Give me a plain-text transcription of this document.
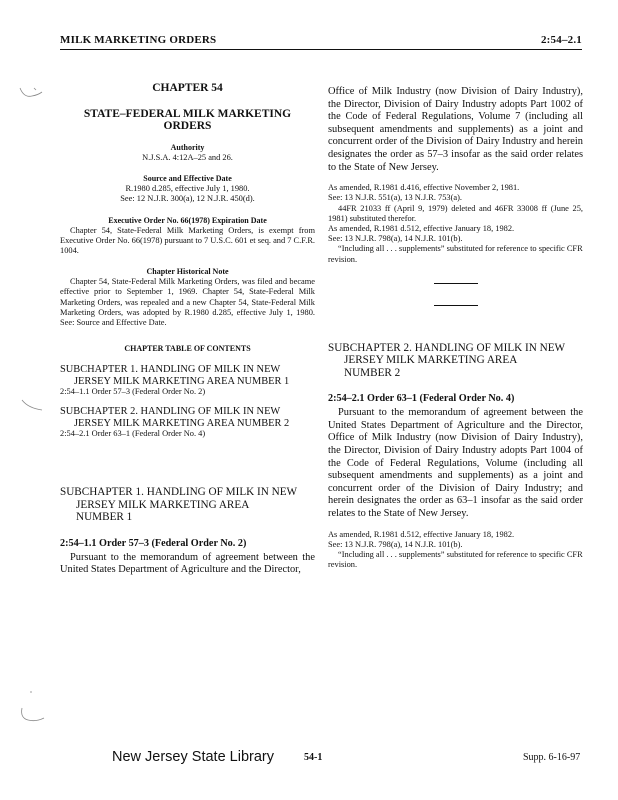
MILK MARKETING ORDERS	2:54–2.1

CHAPTER 54

STATE–FEDERAL MILK MARKETING ORDERS

Authority

N.J.S.A. 4:12A–25 and 26.

Source and Effective Date

R.1980 d.285, effective July 1, 1980.

See: 12 N.J.R. 300(a), 12 N.J.R. 450(d).

Executive Order No. 66(1978) Expiration Date

Chapter 54, State-Federal Milk Marketing Orders, is exempt from Executive Order No. 66(1978) pursuant to 7 U.S.C. 601 et seq. and 7 C.F.R. 1004.

Chapter Historical Note

Chapter 54, State-Federal Milk Marketing Orders, was filed and became effective prior to September 1, 1969. Chapter 54, State-Federal Milk Marketing Orders, was repealed and a new Chapter 54, State-Federal Milk Marketing Orders, was adopted by R.1980 d.285, effective July 1, 1980. See: Source and Effective Date.

CHAPTER TABLE OF CONTENTS

SUBCHAPTER 1. HANDLING OF MILK IN NEW
JERSEY MILK MARKETING AREA NUMBER 1

2:54–1.1 Order 57–3 (Federal Order No. 2)

SUBCHAPTER 2. HANDLING OF MILK IN NEW
JERSEY MILK MARKETING AREA NUMBER 2

2:54–2.1 Order 63–1 (Federal Order No. 4)

SUBCHAPTER 1. HANDLING OF MILK IN NEW

JERSEY MILK MARKETING AREA

NUMBER 1

2:54–1.1 Order 57–3 (Federal Order No. 2)

Pursuant to the memorandum of agreement between the United States Department of Agriculture and the Director,

Office of Milk Industry (now Division of Dairy Industry), the Director, Division of Dairy Industry adopts Part 1002 of the Code of Federal Regulations, Volume 7 (including all subsequent amendments and supplements) as a joint and concurrent order of the Division of Dairy Industry and herein designates the order as 57–3 insofar as the said order relates to the State of New Jersey.

As amended, R.1981 d.416, effective November 2, 1981.

See: 13 N.J.R. 551(a), 13 N.J.R. 753(a).

44FR 21033 ff (April 9, 1979) deleted and 46FR 33008 ff (June 25, 1981) substituted therefor.

As amended, R.1981 d.512, effective January 18, 1982.

See: 13 N.J.R. 798(a), 14 N.J.R. 101(b).

“Including all . . . supplements” substituted for reference to specific CFR revision.

SUBCHAPTER 2. HANDLING OF MILK IN NEW

JERSEY MILK MARKETING AREA

NUMBER 2

2:54–2.1 Order 63–1 (Federal Order No. 4)

Pursuant to the memorandum of agreement between the United States Department of Agriculture and the Director, Office of Milk Industry (now Division of Dairy Industry), the Director, Division of Dairy Industry adopts Part 1004 of the Code of Federal Regulations, Volume (including all subsequent amendments and supplements) as a joint and concurrent order of the Division of Dairy Industry; and herein designates the order as 63–1 insofar as the said order relates to the State of New Jersey.

As amended, R.1981 d.512, effective January 18, 1982.

See: 13 N.J.R. 798(a), 14 N.J.R. 101(b).

“Including all . . . supplements” substituted for reference to specific CFR revision.

New Jersey State Library	54-1	Supp. 6-16-97
